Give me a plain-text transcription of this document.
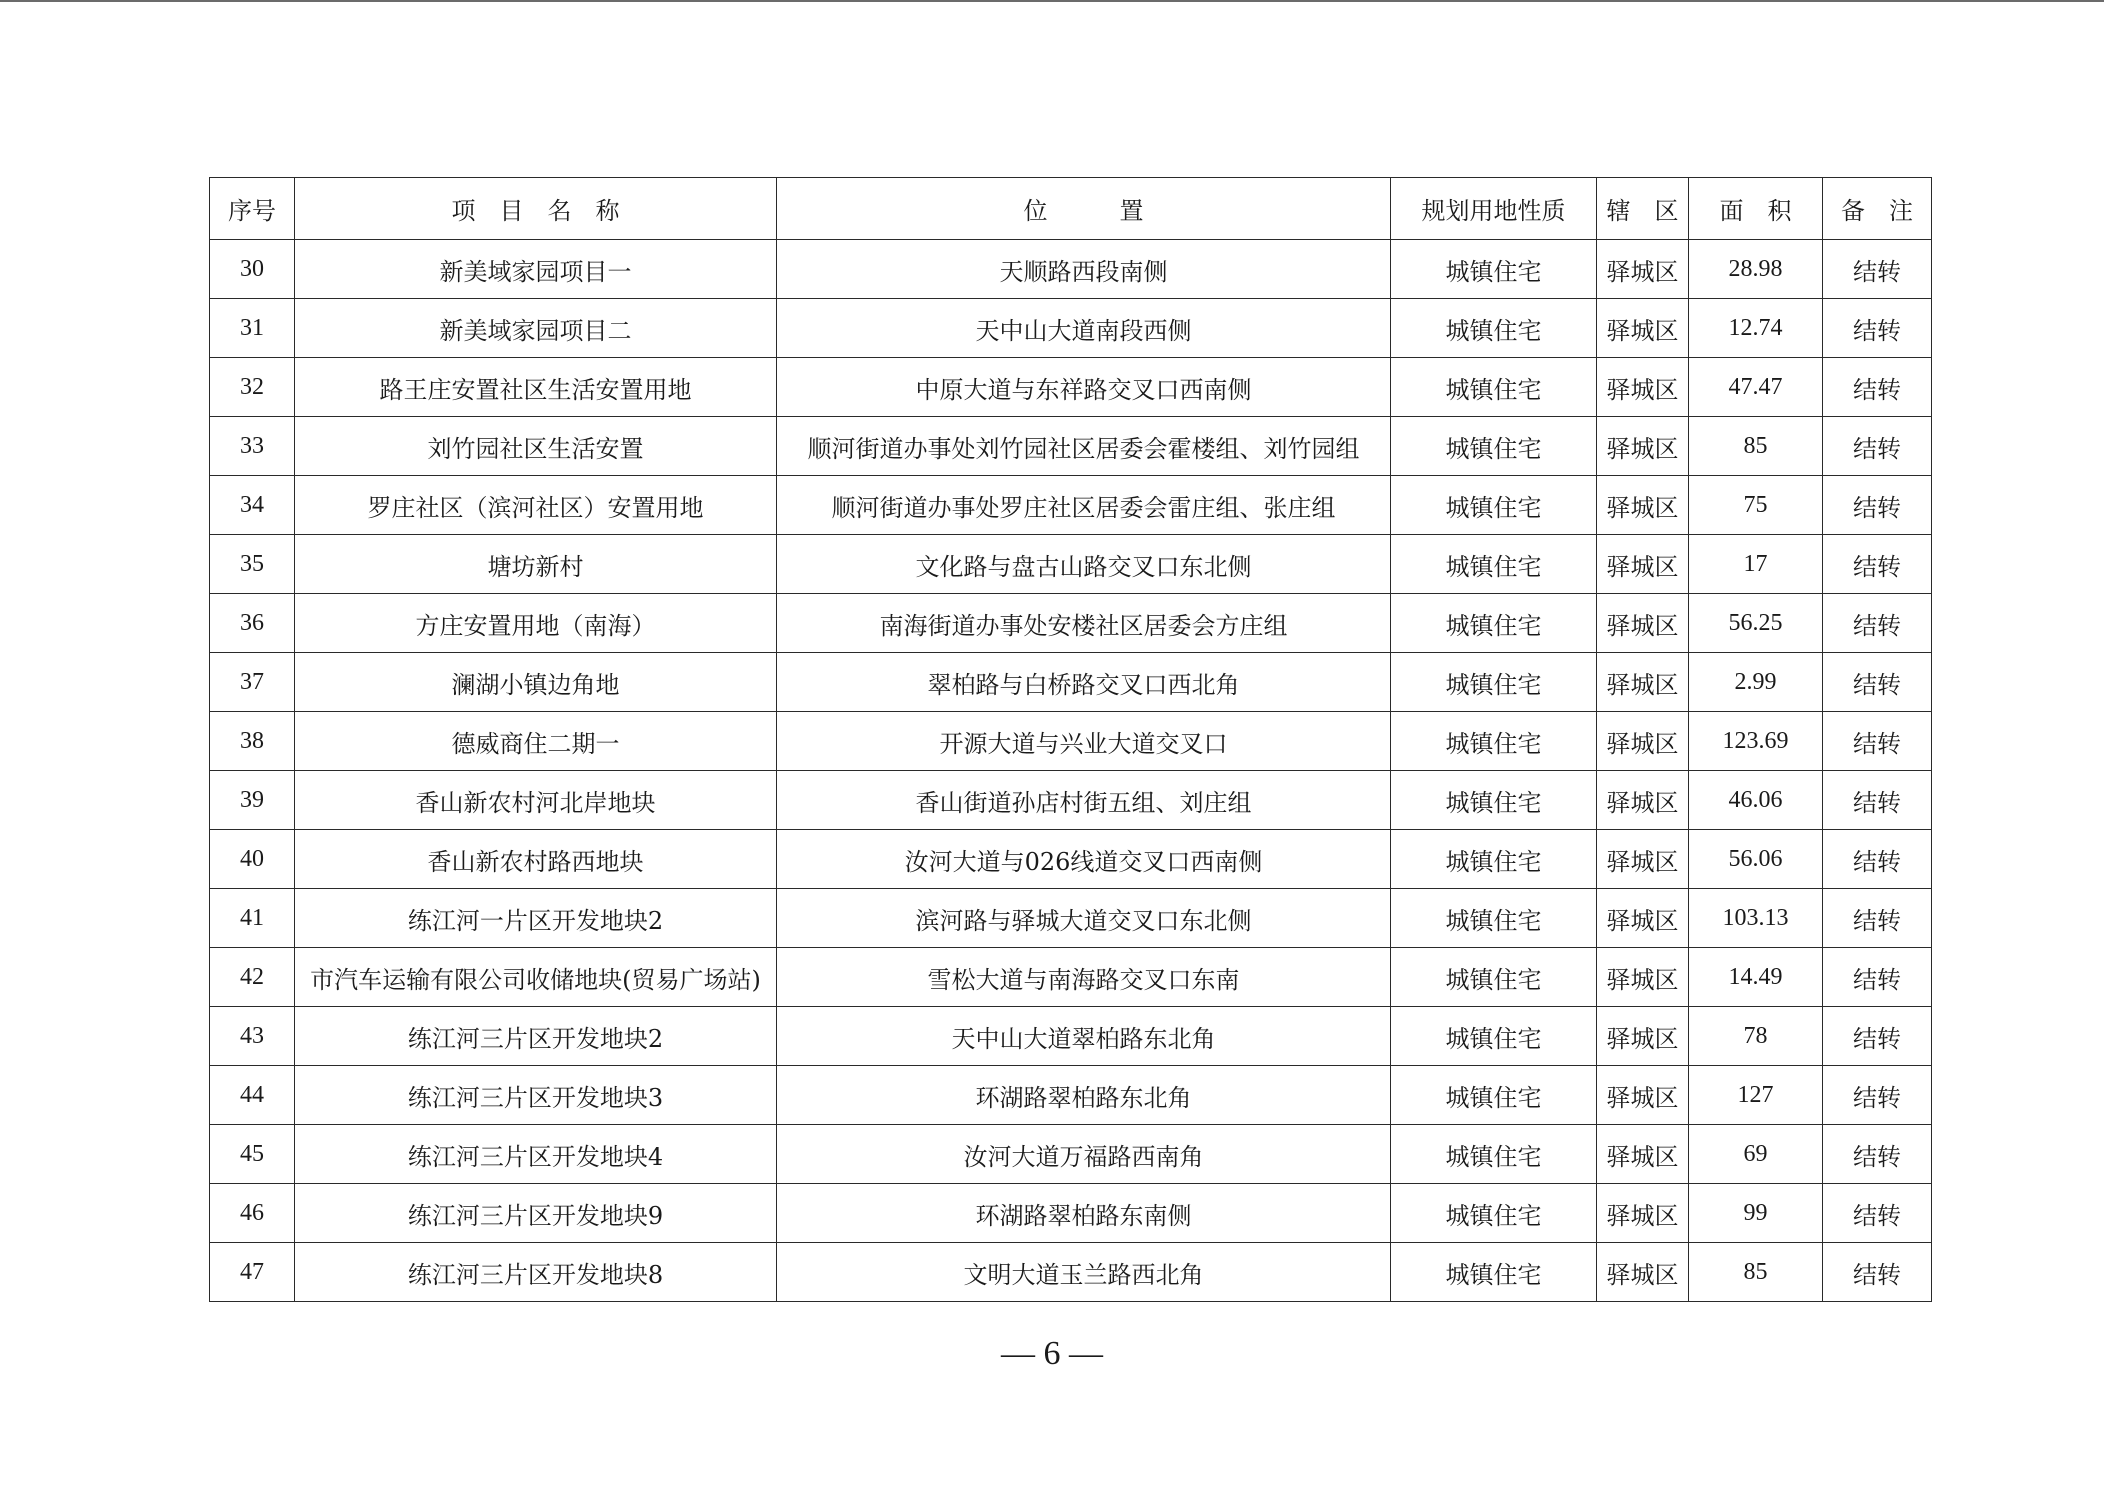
序号	项　目　名　称	位　　　置	规划用地性质	辖　区	面　积	备　注
30	新美域家园项目一	天顺路西段南侧	城镇住宅	驿城区	28.98	结转
31	新美域家园项目二	天中山大道南段西侧	城镇住宅	驿城区	12.74	结转
32	路王庄安置社区生活安置用地	中原大道与东祥路交叉口西南侧	城镇住宅	驿城区	47.47	结转
33	刘竹园社区生活安置	顺河街道办事处刘竹园社区居委会霍楼组、刘竹园组	城镇住宅	驿城区	85	结转
34	罗庄社区（滨河社区）安置用地	顺河街道办事处罗庄社区居委会雷庄组、张庄组	城镇住宅	驿城区	75	结转
35	塘坊新村	文化路与盘古山路交叉口东北侧	城镇住宅	驿城区	17	结转
36	方庄安置用地（南海）	南海街道办事处安楼社区居委会方庄组	城镇住宅	驿城区	56.25	结转
37	澜湖小镇边角地	翠柏路与白桥路交叉口西北角	城镇住宅	驿城区	2.99	结转
38	德威商住二期一	开源大道与兴业大道交叉口	城镇住宅	驿城区	123.69	结转
39	香山新农村河北岸地块	香山街道孙店村街五组、刘庄组	城镇住宅	驿城区	46.06	结转
40	香山新农村路西地块	汝河大道与026线道交叉口西南侧	城镇住宅	驿城区	56.06	结转
41	练江河一片区开发地块2	滨河路与驿城大道交叉口东北侧	城镇住宅	驿城区	103.13	结转
42	市汽车运输有限公司收储地块(贸易广场站)	雪松大道与南海路交叉口东南	城镇住宅	驿城区	14.49	结转
43	练江河三片区开发地块2	天中山大道翠柏路东北角	城镇住宅	驿城区	78	结转
44	练江河三片区开发地块3	环湖路翠柏路东北角	城镇住宅	驿城区	127	结转
45	练江河三片区开发地块4	汝河大道万福路西南角	城镇住宅	驿城区	69	结转
46	练江河三片区开发地块9	环湖路翠柏路东南侧	城镇住宅	驿城区	99	结转
47	练江河三片区开发地块8	文明大道玉兰路西北角	城镇住宅	驿城区	85	结转
— 6 —
